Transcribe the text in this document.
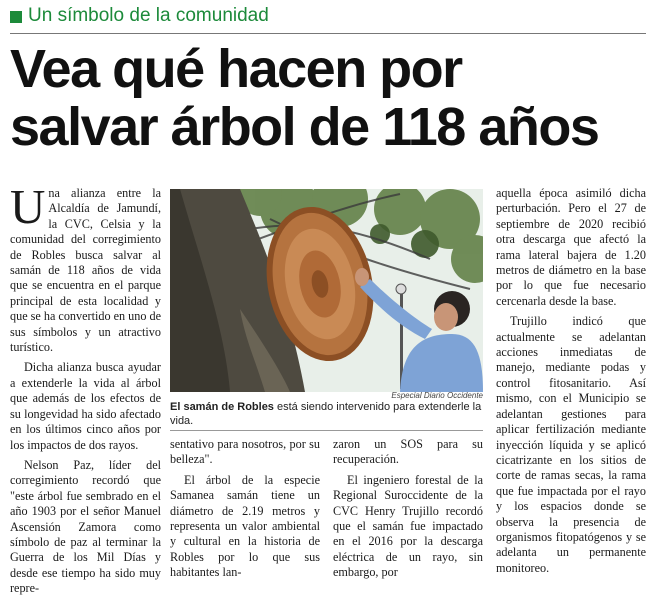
Un símbolo de la comunidad
Vea qué hacen por
salvar árbol de 118 años

Una alianza entre la Alcaldía de Jamundí, la CVC, Celsia y la comunidad del corregimiento de Robles busca salvar al samán de 118 años de vida que se encuentra en el parque principal de esta localidad y que se ha convertido en uno de sus símbolos y un atractivo turístico.

Dicha alianza busca ayudar a extenderle la vida al árbol que además de los efectos de su longevidad ha sido afectado en los últimos cinco años por los impactos de dos rayos.

Nelson Paz, líder del corregimiento recordó que "este árbol fue sembrado en el año 1903 por el señor Manuel Ascensión Zamora como símbolo de paz al terminar la Guerra de los Mil Días y desde ese tiempo ha sido muy repre-

Especial Diario Occidente
El samán de Robles está siendo intervenido para extenderle la vida.

sentativo para nosotros, por su belleza".

El árbol de la especie Samanea samán tiene un diámetro de 2.19 metros y representa un valor ambiental y cultural en la historia de Robles por lo que sus habitantes lan-

zaron un SOS para su recuperación.

El ingeniero forestal de la Regional Suroccidente de la CVC Henry Trujillo recordó que el samán fue impactado en el 2016 por la descarga eléctrica de un rayo, sin embargo, por

aquella época asimiló dicha perturbación. Pero el 27 de septiembre de 2020 recibió otra descarga que afectó la rama lateral bajera de 1.20 metros de diámetro en la base por lo que fue necesario cercenarla desde la base.

Trujillo indicó que actualmente se adelantan acciones inmediatas de manejo, mediante podas y control fitosanitario. Así mismo, con el Municipio se adelantan gestiones para aplicar fertilización mediante inyección líquida y se aplicó cicatrizante en los sitios de corte de ramas secas, la rama que fue impactada por el rayo y los espacios donde se observa la presencia de organismos fitopatógenos y se adelanta un permanente monitoreo.
